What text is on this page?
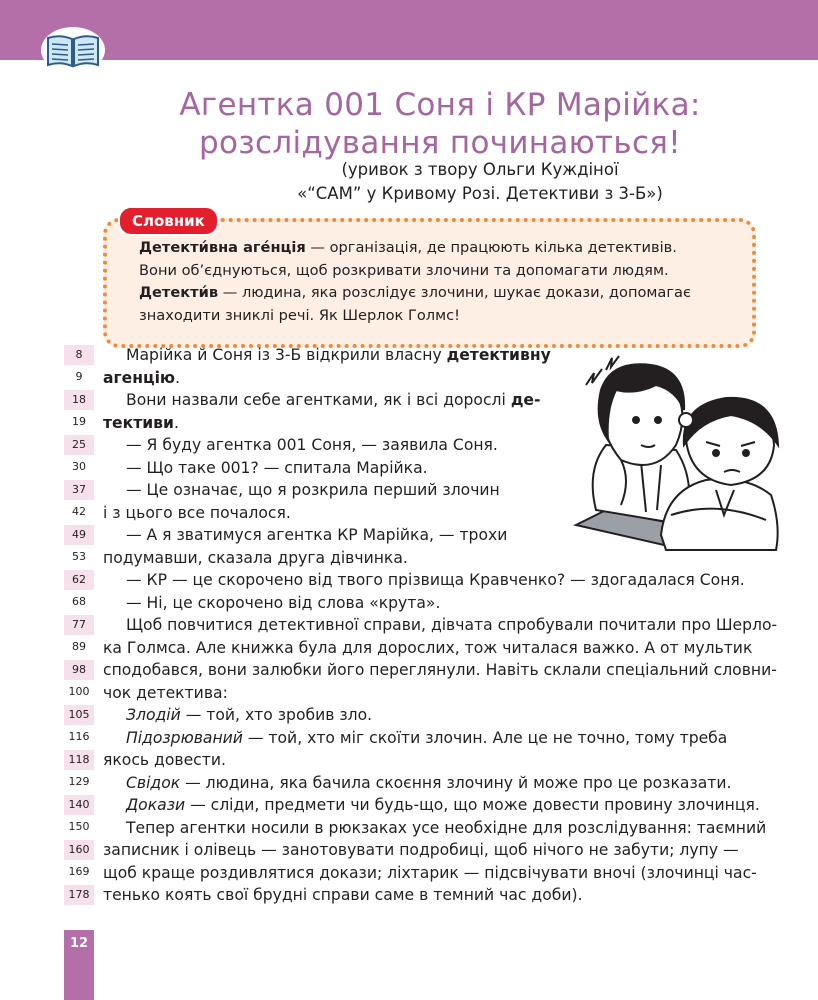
Агентка 001 Соня і КР Марійка:
розслідування починаються!
(уривок з твору Ольги Куждіної
«“САМ” у Кривому Розі. Детективи з 3-Б»)
Словник
Детекти́вна аге́нція — організація, де працюють кілька детективів.
Вони об’єднуються, щоб розкривати злочини та допомагати людям.
Детекти́в — людина, яка розслідує злочини, шукає докази, допомагає
знаходити зниклі речі. Як Шерлок Голмс!
8
9
18
19
25
30
37
42
49
53
62
68
77
89
98
100
105
116
118
129
140
150
160
169
178
Марійка й Соня із 3-Б відкрили власну детективну
агенцію.
Вони назвали себе агентками, як і всі дорослі де-
тективи.
— Я буду агентка 001 Соня, — заявила Соня.
— Що таке 001? — спитала Марійка.
— Це означає, що я розкрила перший злочин
і з цього все почалося.
— А я зватимуся агентка КР Марійка, — трохи
подумавши, сказала друга дівчинка.
— КР — це скорочено від твого прізвища Кравченко? — здогадалася Соня.
— Ні, це скорочено від слова «крута».
Щоб повчитися детективної справи, дівчата спробували почитали про Шерло-
ка Голмса. Але книжка була для дорослих, тож читалася важко. А от мультик
сподобався, вони залюбки його переглянули. Навіть склали спеціальний словни-
чок детектива:
Злодій — той, хто зробив зло.
Підозрюваний — той, хто міг скоїти злочин. Але це не точно, тому треба
якось довести.
Свідок — людина, яка бачила скоєння злочину й може про це розказати.
Докази — сліди, предмети чи будь-що, що може довести провину злочинця.
Тепер агентки носили в рюкзаках усе необхідне для розслідування: таємний
записник і олівець — занотовувати подробиці, щоб нічого не забути; лупу —
щоб краще роздивлятися докази; ліхтарик — підсвічувати вночі (злочинці час-
тенько коять свої брудні справи саме в темний час доби).
12
